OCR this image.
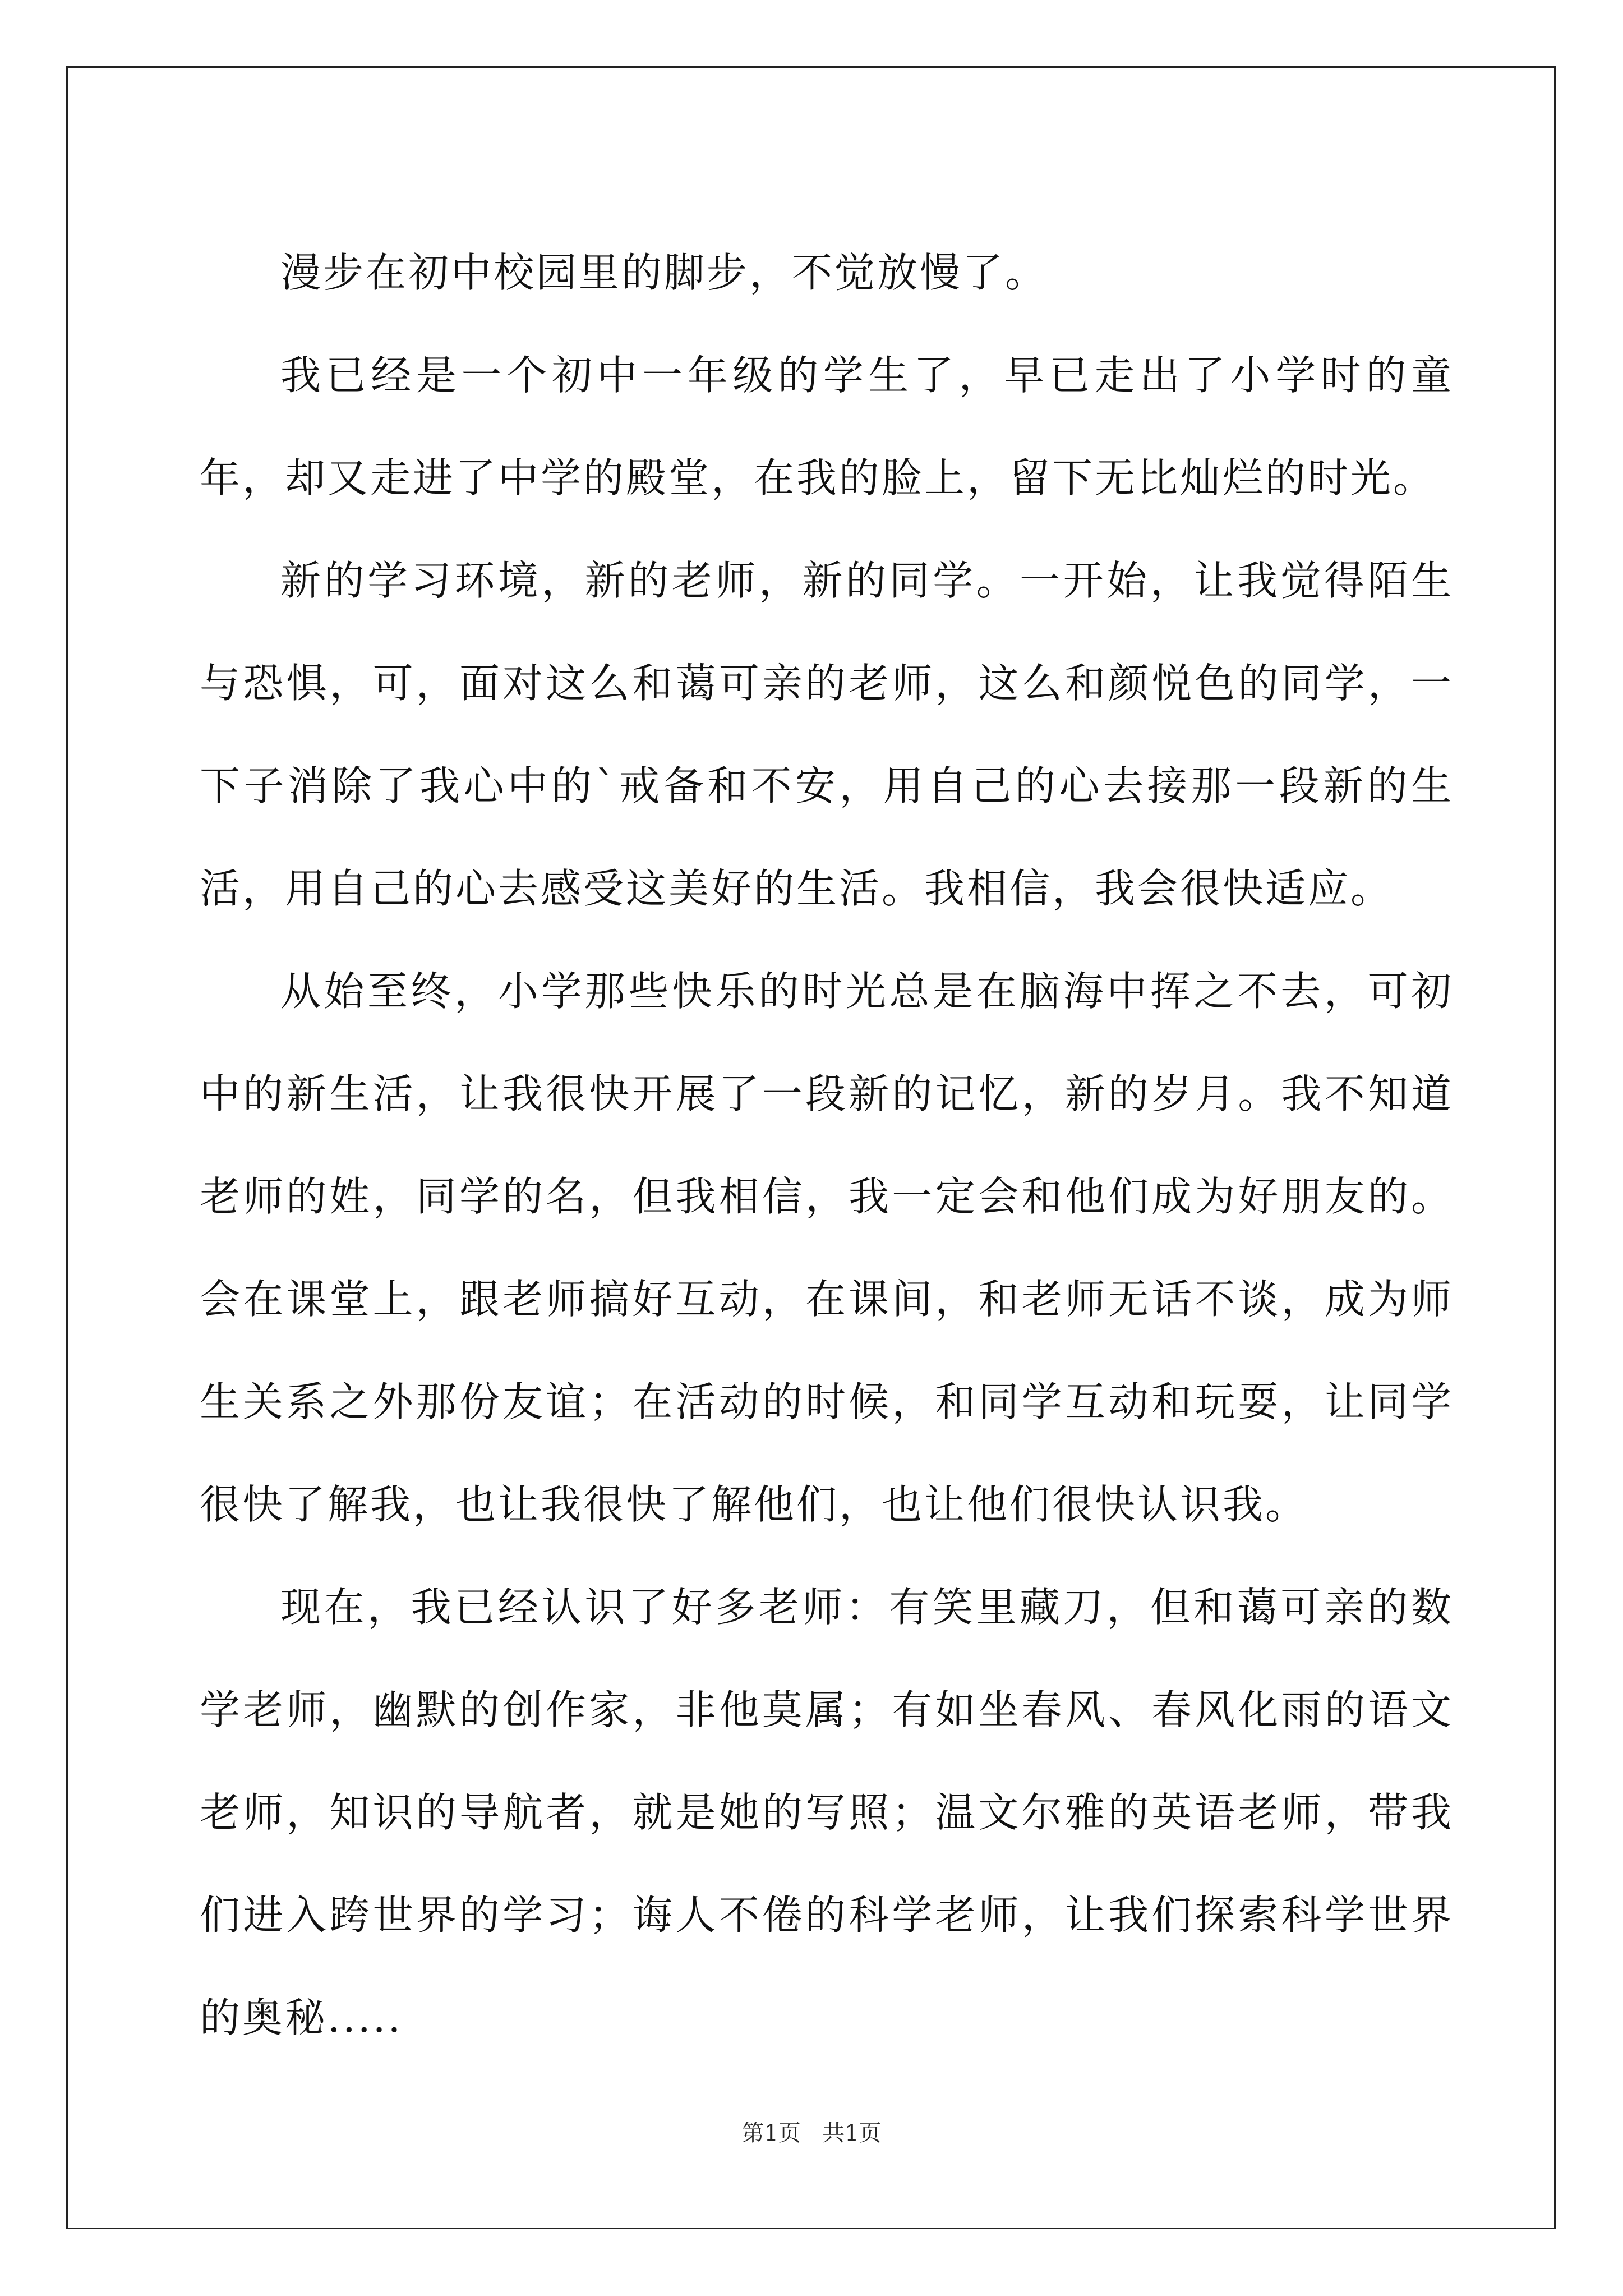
漫步在初中校园里的脚步，不觉放慢了。

我已经是一个初中一年级的学生了，早已走出了小学时的童年，却又走进了中学的殿堂，在我的脸上，留下无比灿烂的时光。

新的学习环境，新的老师，新的同学。一开始，让我觉得陌生与恐惧，可，面对这么和蔼可亲的老师，这么和颜悦色的同学，一下子消除了我心中的`戒备和不安，用自己的心去接那一段新的生活，用自己的心去感受这美好的生活。我相信，我会很快适应。

从始至终，小学那些快乐的时光总是在脑海中挥之不去，可初中的新生活，让我很快开展了一段新的记忆，新的岁月。我不知道老师的姓，同学的名，但我相信，我一定会和他们成为好朋友的。会在课堂上，跟老师搞好互动，在课间，和老师无话不谈，成为师生关系之外那份友谊；在活动的时候，和同学互动和玩耍，让同学很快了解我，也让我很快了解他们，也让他们很快认识我。

现在，我已经认识了好多老师：有笑里藏刀，但和蔼可亲的数学老师，幽默的创作家，非他莫属；有如坐春风、春风化雨的语文老师，知识的导航者，就是她的写照；温文尔雅的英语老师，带我们进入跨世界的学习；诲人不倦的科学老师，让我们探索科学世界的奥秘.....

第1页 共1页
